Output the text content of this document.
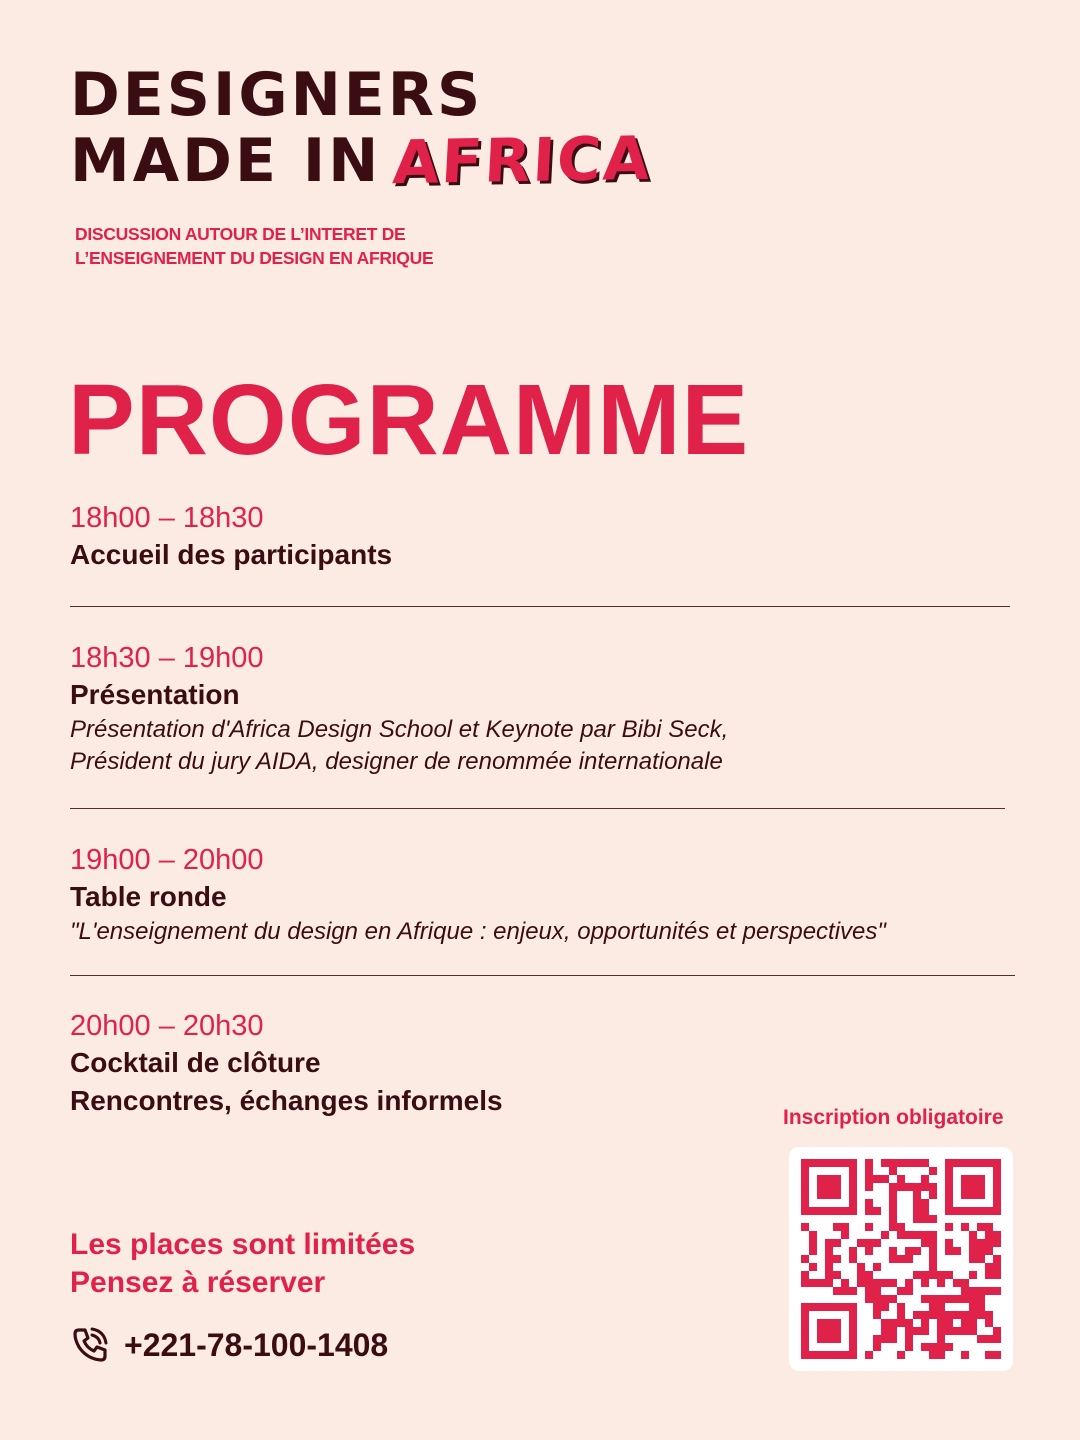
DESIGNERS
MADE IN AFRICA
DISCUSSION AUTOUR DE L’INTERET DE
L’ENSEIGNEMENT DU DESIGN EN AFRIQUE
PROGRAMME
18h00 – 18h30
Accueil des participants
18h30 – 19h00
Présentation
Présentation d'Africa Design School et Keynote par Bibi Seck,
Président du jury AIDA, designer de renommée internationale
19h00 – 20h00
Table ronde
"L'enseignement du design en Afrique : enjeux, opportunités et perspectives"
20h00 – 20h30
Cocktail de clôture
Rencontres, échanges informels
Les places sont limitées
Pensez à réserver
+221-78-100-1408
Inscription obligatoire
